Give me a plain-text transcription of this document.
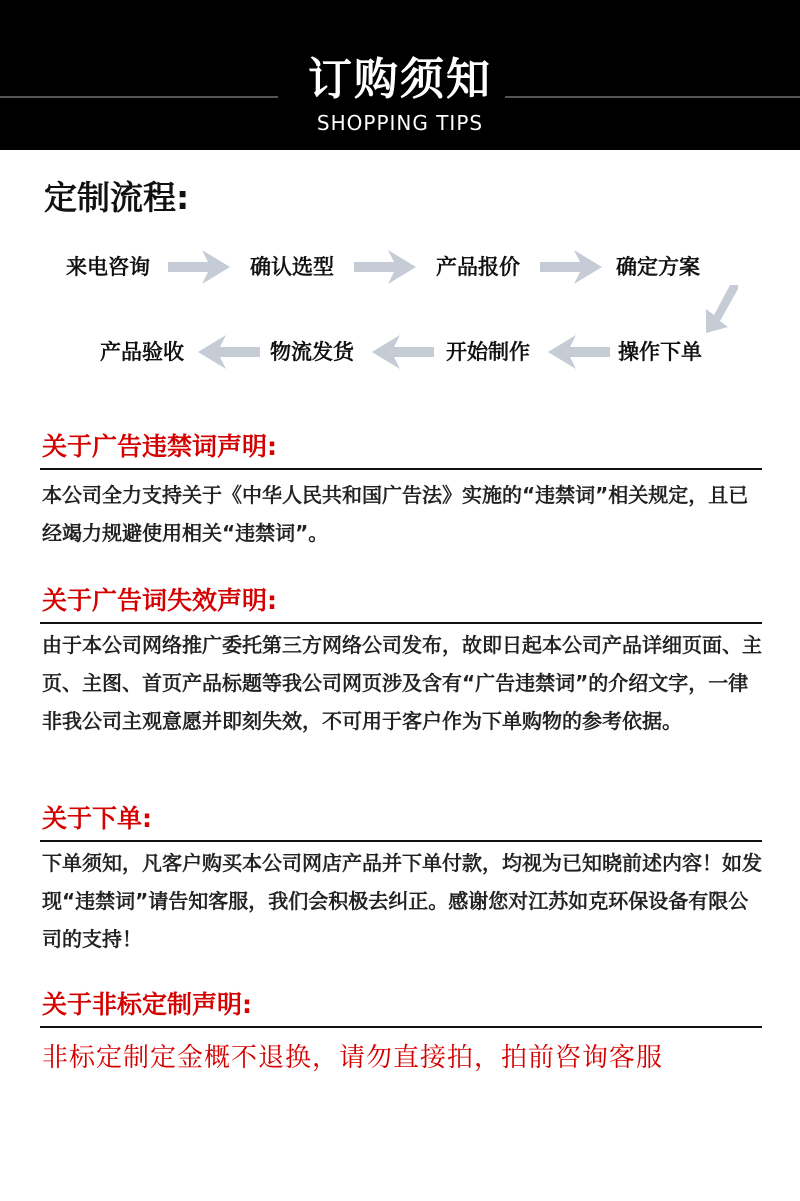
订购须知
SHOPPING TIPS
定制流程:
来电咨询	确认选型	产品报价	确定方案
产品验收	物流发货	开始制作	操作下单
关于广告违禁词声明:
本公司全力支持关于《中华人民共和国广告法》实施的“违禁词”相关规定，且已经竭力规避使用相关“违禁词”。
关于广告词失效声明:
由于本公司网络推广委托第三方网络公司发布，故即日起本公司产品详细页面、主页、主图、首页产品标题等我公司网页涉及含有“广告违禁词”的介绍文字，一律非我公司主观意愿并即刻失效，不可用于客户作为下单购物的参考依据。
关于下单:
下单须知，凡客户购买本公司网店产品并下单付款，均视为已知晓前述内容！如发现“违禁词”请告知客服，我们会积极去纠正。感谢您对江苏如克环保设备有限公司的支持！
关于非标定制声明:
非标定制定金概不退换，请勿直接拍，拍前咨询客服
